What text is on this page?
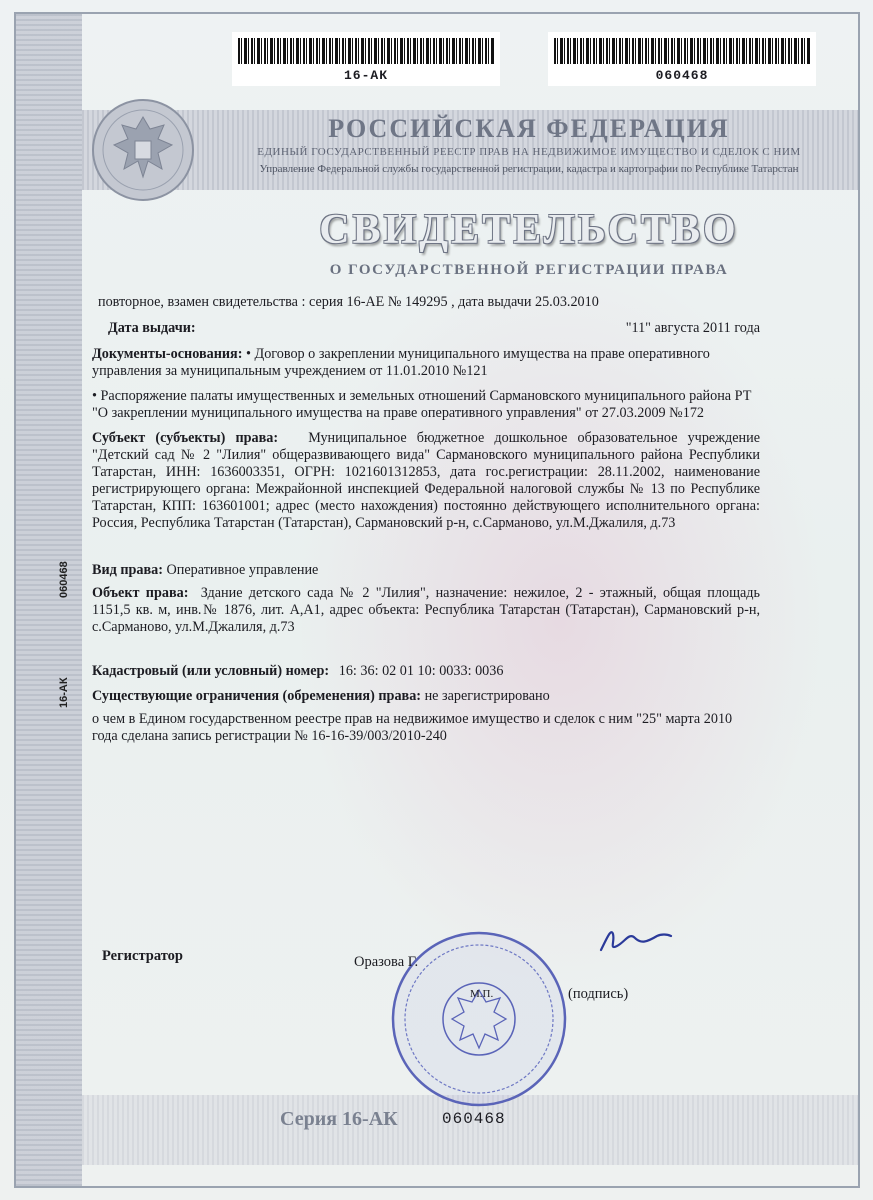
16-АК	060468
РОССИЙСКАЯ ФЕДЕРАЦИЯ
ЕДИНЫЙ ГОСУДАРСТВЕННЫЙ РЕЕСТР ПРАВ НА НЕДВИЖИМОЕ ИМУЩЕСТВО И СДЕЛОК С НИМ
Управление Федеральной службы государственной регистрации, кадастра и картографии по Республике Татарстан
СВИДЕТЕЛЬСТВО
О ГОСУДАРСТВЕННОЙ РЕГИСТРАЦИИ ПРАВА
16-АК
060468

повторное, взамен свидетельства : серия 16-АЕ № 149295 , дата выдачи 25.03.2010

Дата выдачи:	"11" августа 2011 года

Документы-основания: • Договор о закреплении муниципального имущества на праве оперативного управления за муниципальным учреждением от 11.01.2010 №121

• Распоряжение палаты имущественных и земельных отношений Сармановского муниципального района РТ "О закреплении муниципального имущества на праве оперативного управления" от 27.03.2009 №172

Субъект (субъекты) права: Муниципальное бюджетное дошкольное образовательное учреждение "Детский сад № 2 "Лилия" общеразвивающего вида" Сармановского муниципального района Республики Татарстан, ИНН: 1636003351, ОГРН: 1021601312853, дата гос.регистрации: 28.11.2002, наименование регистрирующего органа: Межрайонной инспекцией Федеральной налоговой службы № 13 по Республике Татарстан, КПП: 163601001; адрес (место нахождения) постоянно действующего исполнительного органа: Россия, Республика Татарстан (Татарстан), Сармановский р-н, с.Сарманово, ул.М.Джалиля, д.73

Вид права: Оперативное управление

Объект права: Здание детского сада № 2 "Лилия", назначение: нежилое, 2 - этажный, общая площадь 1151,5 кв. м, инв.№ 1876, лит. А,А1, адрес объекта: Республика Татарстан (Татарстан), Сармановский р-н, с.Сарманово, ул.М.Джалиля, д.73

Кадастровый (или условный) номер: 16: 36: 02 01 10: 0033: 0036

Существующие ограничения (обременения) права: не зарегистрировано

о чем в Едином государственном реестре прав на недвижимое имущество и сделок с ним "25" марта 2010 года сделана запись регистрации № 16-16-39/003/2010-240

Регистратор	Оразова Г.
М.П.	(подпись)
Серия 16-АК	060468
